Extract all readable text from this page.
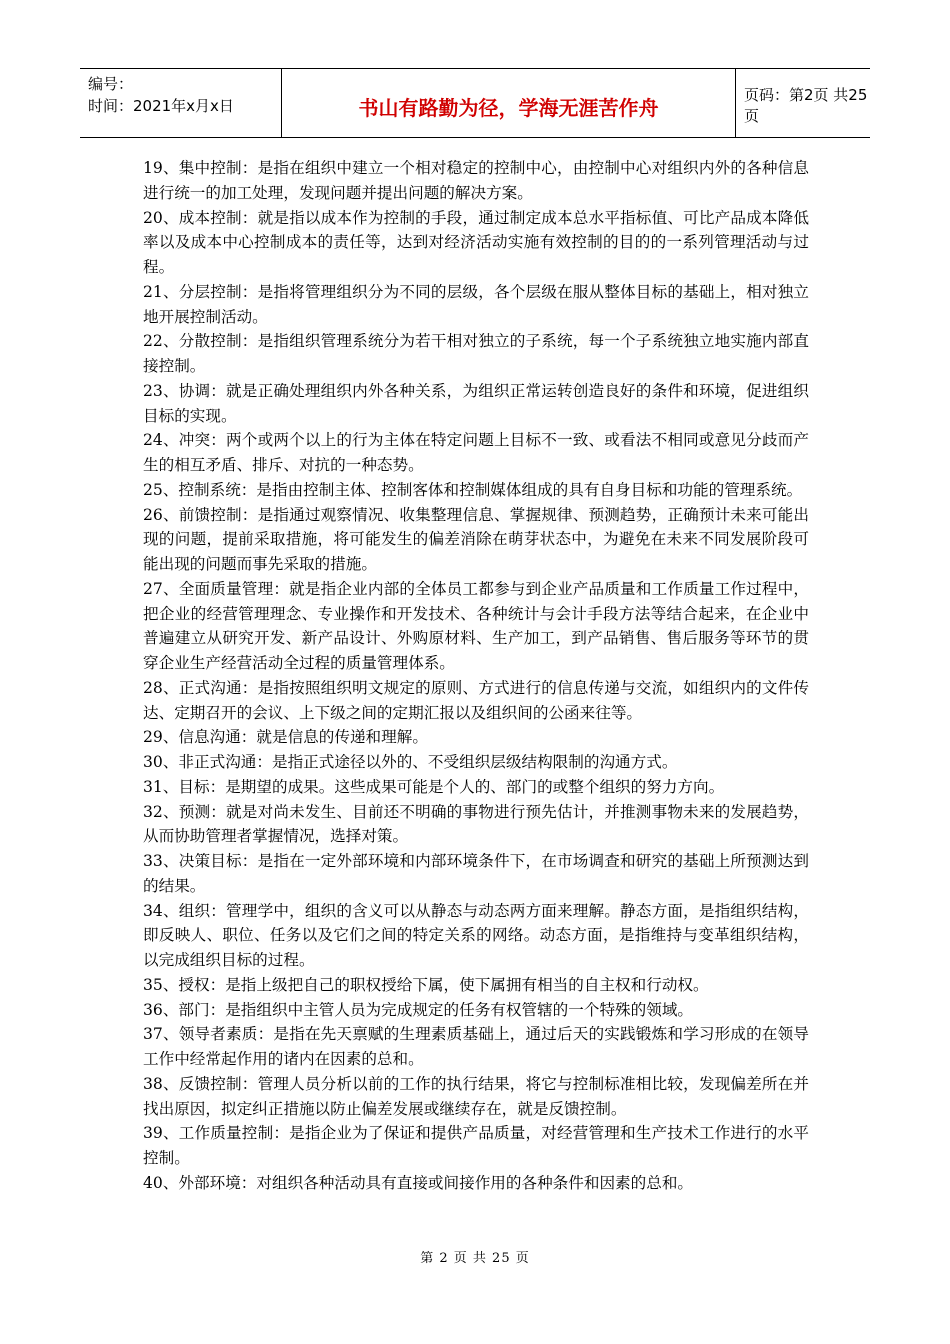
编号：
时间：2021年x月x日	书山有路勤为径，学海无涯苦作舟
页码：第2页 共25页

19、集中控制：是指在组织中建立一个相对稳定的控制中心，由控制中心对组织内外的各种信息进行统一的加工处理，发现问题并提出问题的解决方案。

20、成本控制：就是指以成本作为控制的手段，通过制定成本总水平指标值、可比产品成本降低率以及成本中心控制成本的责任等，达到对经济活动实施有效控制的目的的一系列管理活动与过程。

21、分层控制：是指将管理组织分为不同的层级，各个层级在服从整体目标的基础上，相对独立地开展控制活动。

22、分散控制：是指组织管理系统分为若干相对独立的子系统，每一个子系统独立地实施内部直接控制。

23、协调：就是正确处理组织内外各种关系，为组织正常运转创造良好的条件和环境，促进组织目标的实现。

24、冲突：两个或两个以上的行为主体在特定问题上目标不一致、或看法不相同或意见分歧而产生的相互矛盾、排斥、对抗的一种态势。

25、控制系统：是指由控制主体、控制客体和控制媒体组成的具有自身目标和功能的管理系统。

26、前馈控制：是指通过观察情况、收集整理信息、掌握规律、预测趋势，正确预计未来可能出现的问题，提前采取措施，将可能发生的偏差消除在萌芽状态中，为避免在未来不同发展阶段可能出现的问题而事先采取的措施。

27、全面质量管理：就是指企业内部的全体员工都参与到企业产品质量和工作质量工作过程中，把企业的经营管理理念、专业操作和开发技术、各种统计与会计手段方法等结合起来，在企业中普遍建立从研究开发、新产品设计、外购原材料、生产加工，到产品销售、售后服务等环节的贯穿企业生产经营活动全过程的质量管理体系。

28、正式沟通：是指按照组织明文规定的原则、方式进行的信息传递与交流，如组织内的文件传达、定期召开的会议、上下级之间的定期汇报以及组织间的公函来往等。

29、信息沟通：就是信息的传递和理解。

30、非正式沟通：是指正式途径以外的、不受组织层级结构限制的沟通方式。

31、目标：是期望的成果。这些成果可能是个人的、部门的或整个组织的努力方向。

32、预测：就是对尚未发生、目前还不明确的事物进行预先估计，并推测事物未来的发展趋势，从而协助管理者掌握情况，选择对策。

33、决策目标：是指在一定外部环境和内部环境条件下，在市场调查和研究的基础上所预测达到的结果。

34、组织：管理学中，组织的含义可以从静态与动态两方面来理解。静态方面，是指组织结构，即反映人、职位、任务以及它们之间的特定关系的网络。动态方面，是指维持与变革组织结构，以完成组织目标的过程。

35、授权：是指上级把自己的职权授给下属，使下属拥有相当的自主权和行动权。

36、部门：是指组织中主管人员为完成规定的任务有权管辖的一个特殊的领域。

37、领导者素质：是指在先天禀赋的生理素质基础上，通过后天的实践锻炼和学习形成的在领导工作中经常起作用的诸内在因素的总和。

38、反馈控制：管理人员分析以前的工作的执行结果，将它与控制标准相比较，发现偏差所在并找出原因，拟定纠正措施以防止偏差发展或继续存在，就是反馈控制。

39、工作质量控制：是指企业为了保证和提供产品质量，对经营管理和生产技术工作进行的水平控制。

40、外部环境：对组织各种活动具有直接或间接作用的各种条件和因素的总和。

第 2 页 共 25 页
